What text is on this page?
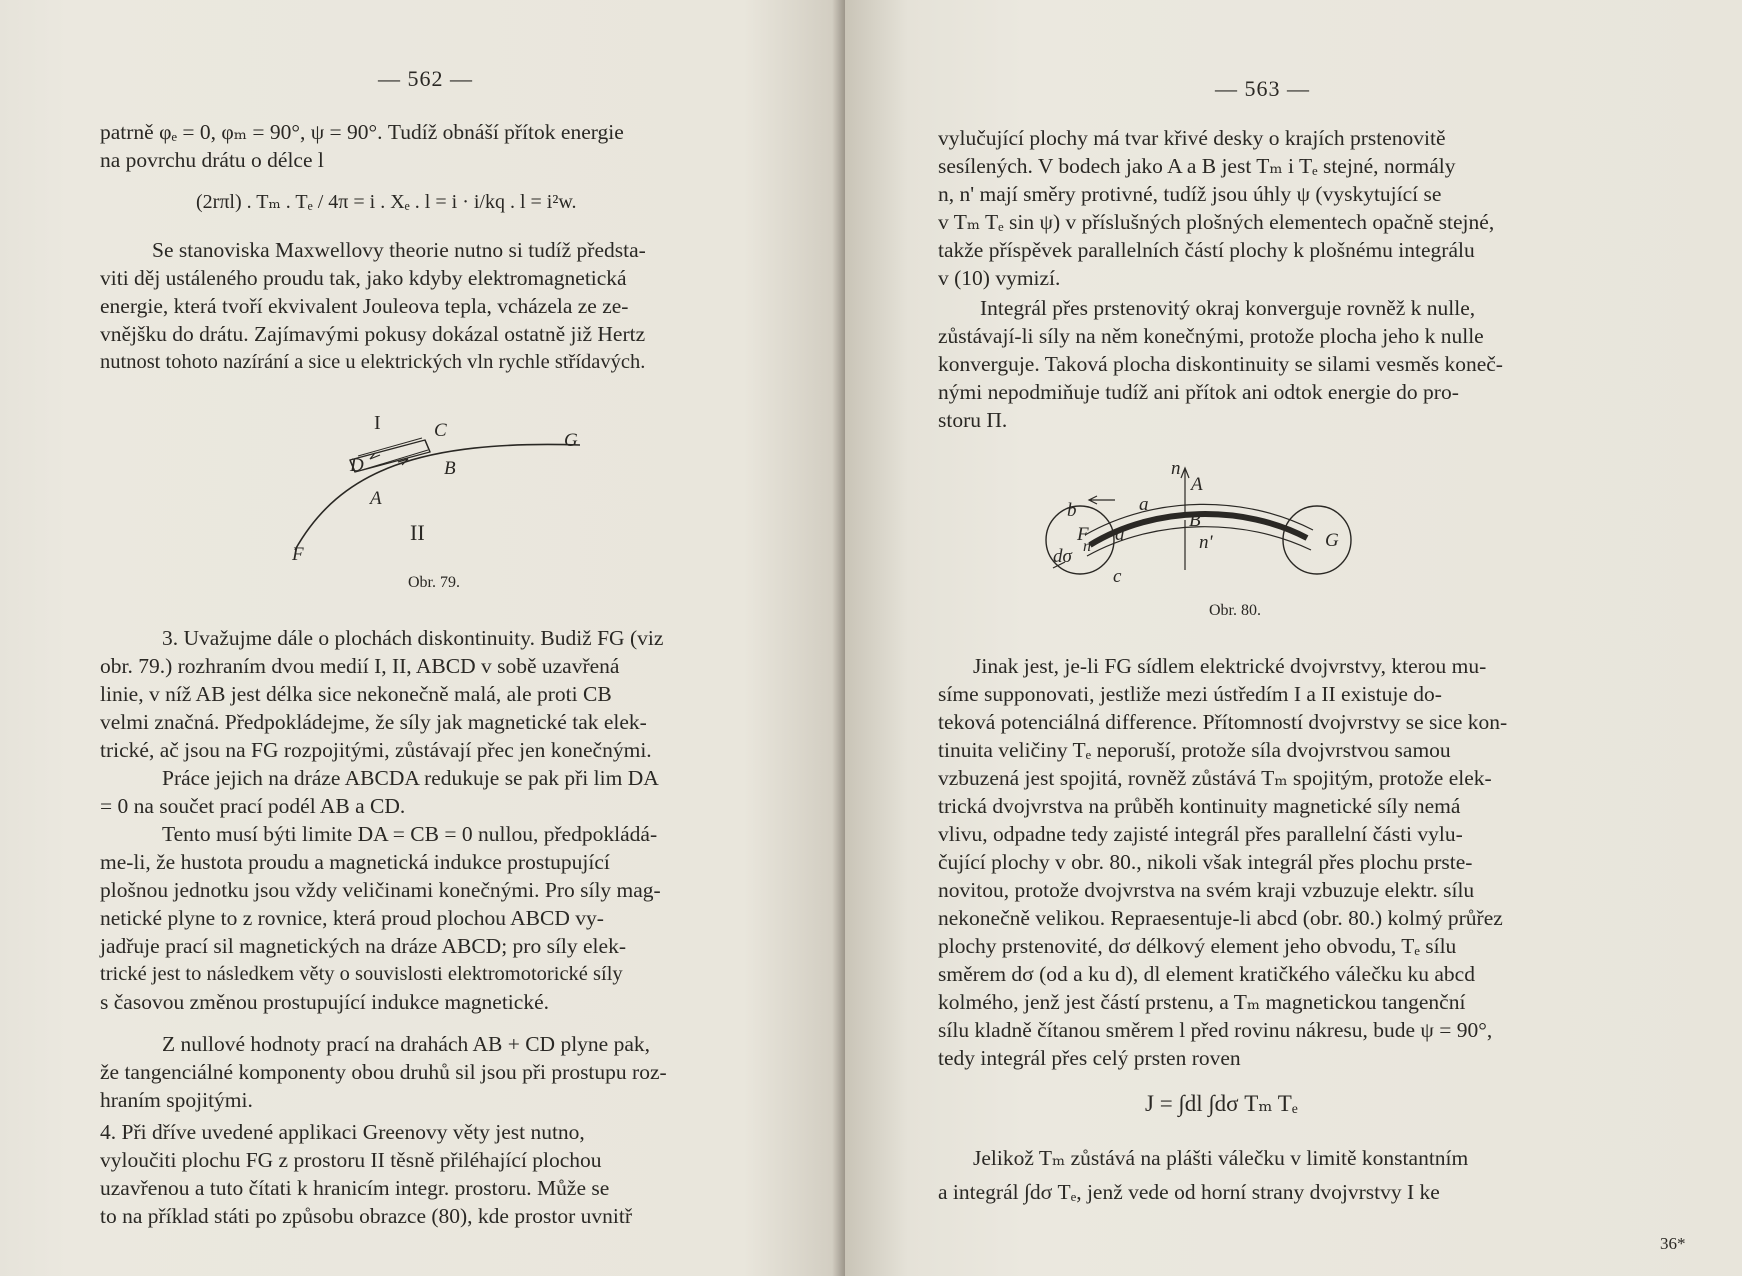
— 562 —
patrně φₑ = 0, φₘ = 90°, ψ = 90°. Tudíž obnáší přítok energie
na povrchu drátu o délce l
(2rπl) . Tₘ . Tₑ / 4π = i . Xₑ . l = i · i/kq . l = i²w.
Se stanoviska Maxwellovy theorie nutno si tudíž předsta-
viti děj ustáleného proudu tak, jako kdyby elektromagnetická
energie, která tvoří ekvivalent Jouleova tepla, vcházela ze ze-
vnějšku do drátu. Zajímavými pokusy dokázal ostatně již Hertz
nutnost tohoto nazírání a sice u elektrických vln rychle střídavých.
I	C	G
D	B
A
II
F
Obr. 79.
3. Uvažujme dále o plochách diskontinuity. Budiž FG (viz
obr. 79.) rozhraním dvou medií I, II, ABCD v sobě uzavřená
linie, v níž AB jest délka sice nekonečně malá, ale proti CB
velmi značná. Předpokládejme, že síly jak magnetické tak elek-
trické, ač jsou na FG rozpojitými, zůstávají přec jen konečnými.
Práce jejich na dráze ABCDA redukuje se pak při lim DA
= 0 na součet prací podél AB a CD.
Tento musí býti limite DA = CB = 0 nullou, předpokládá-
me-li, že hustota proudu a magnetická indukce prostupující
plošnou jednotku jsou vždy veličinami konečnými. Pro síly mag-
netické plyne to z rovnice, která proud plochou ABCD vy-
jadřuje prací sil magnetických na dráze ABCD; pro síly elek-
trické jest to následkem věty o souvislosti elektromotorické síly
s časovou změnou prostupující indukce magnetické.
Z nullové hodnoty prací na drahách AB + CD plyne pak,
že tangenciálné komponenty obou druhů sil jsou při prostupu roz-
hraním spojitými.
4. Při dříve uvedené applikaci Greenovy věty jest nutno,
vyloučiti plochu FG z prostoru II těsně přiléhající plochou
uzavřenou a tuto čítati k hranicím integr. prostoru. Může se
to na příklad státi po způsobu obrazce (80), kde prostor uvnitř
— 563 —
vylučující plochy má tvar křivé desky o krajích prstenovitě
sesílených. V bodech jako A a B jest Tₘ i Tₑ stejné, normály
n, n' mají směry protivné, tudíž jsou úhly ψ (vyskytující se
v Tₘ Tₑ sin ψ) v příslušných plošných elementech opačně stejné,
takže příspěvek parallelních částí plochy k plošnému integrálu
v (10) vymizí.
Integrál přes prstenovitý okraj konverguje rovněž k nulle,
zůstávají-li síly na něm konečnými, protože plocha jeho k nulle
konverguje. Taková plocha diskontinuity se silami vesměs koneč-
nými nepodmiňuje tudíž ani přítok ani odtok energie do pro-
storu Π.
n
A
b	a
B
n'
F d
n
dσ
c
G
Obr. 80.
Jinak jest, je-li FG sídlem elektrické dvojvrstvy, kterou mu-
síme supponovati, jestliže mezi ústředím I a II existuje do-
teková potenciálná difference. Přítomností dvojvrstvy se sice kon-
tinuita veličiny Tₑ neporuší, protože síla dvojvrstvou samou
vzbuzená jest spojitá, rovněž zůstává Tₘ spojitým, protože elek-
trická dvojvrstva na průběh kontinuity magnetické síly nemá
vlivu, odpadne tedy zajisté integrál přes parallelní části vylu-
čující plochy v obr. 80., nikoli však integrál přes plochu prste-
novitou, protože dvojvrstva na svém kraji vzbuzuje elektr. sílu
nekonečně velikou. Repraesentuje-li abcd (obr. 80.) kolmý průřez
plochy prstenovité, dσ délkový element jeho obvodu, Tₑ sílu
směrem dσ (od a ku d), dl element kratičkého válečku ku abcd
kolmého, jenž jest částí prstenu, a Tₘ magnetickou tangenční
sílu kladně čítanou směrem l před rovinu nákresu, bude ψ = 90°,
tedy integrál přes celý prsten roven
J = ∫dl ∫dσ Tₘ Tₑ
Jelikož Tₘ zůstává na plášti válečku v limitě konstantním
a integrál ∫dσ Tₑ, jenž vede od horní strany dvojvrstvy I ke
36*
